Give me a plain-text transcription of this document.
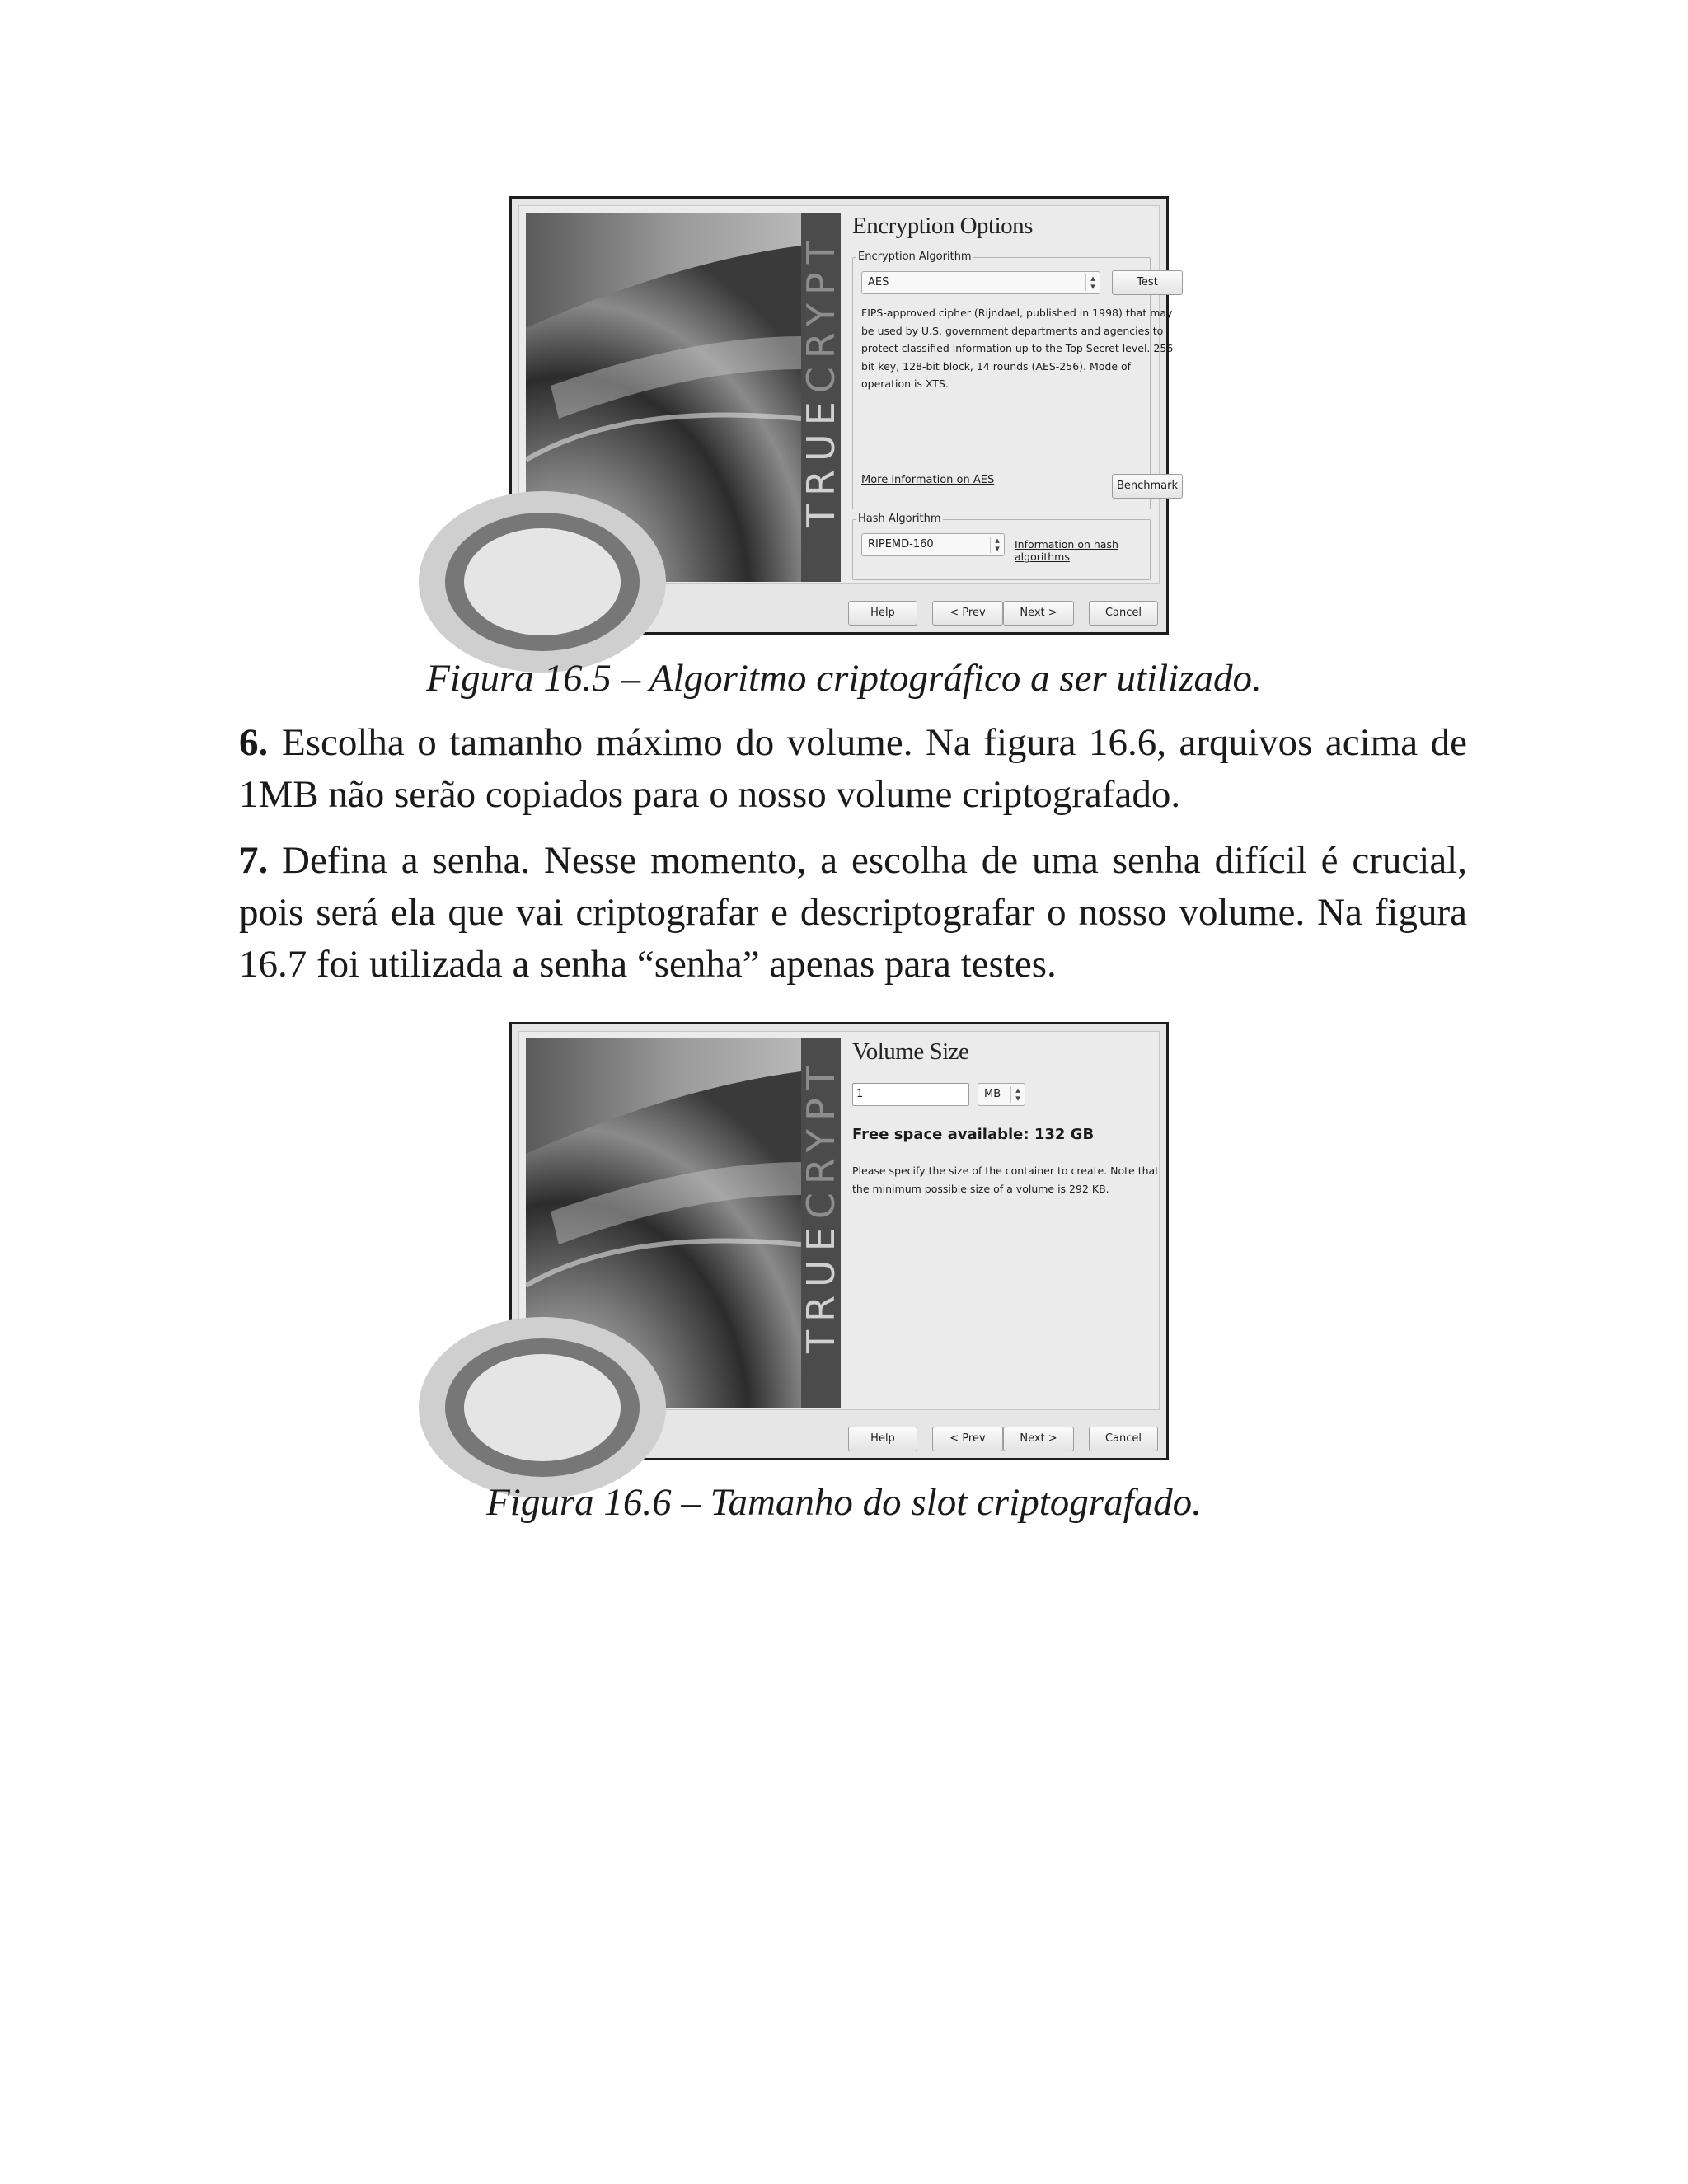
TRUECRYPT
Encryption Options
Encryption Algorithm
AES	▴
▾	Test
FIPS-approved cipher (Rijndael, published in 1998) that may be used by U.S. government departments and agencies to protect classified information up to the Top Secret level. 256-bit key, 128-bit block, 14 rounds (AES-256). Mode of operation is XTS.
More information on AES	Benchmark
Hash Algorithm
RIPEMD-160	▴
▾	Information on hash algorithms
Help	< Prev	Next >	Cancel
Figura 16.5 – Algoritmo criptográfico a ser utilizado.
6. Escolha o tamanho máximo do volume. Na figura 16.6, arquivos acima de 1MB não serão copiados para o nosso volume criptografado.
7. Defina a senha. Nesse momento, a escolha de uma senha difícil é crucial, pois será ela que vai criptografar e descriptografar o nosso volume. Na figura 16.7 foi utilizada a senha “senha” apenas para testes.
TRUECRYPT
Volume Size
1	MB	▴
▾
Free space available: 132 GB
Please specify the size of the container to create. Note that the minimum possible size of a volume is 292 KB.
Help	< Prev	Next >	Cancel
Figura 16.6 – Tamanho do slot criptografado.
